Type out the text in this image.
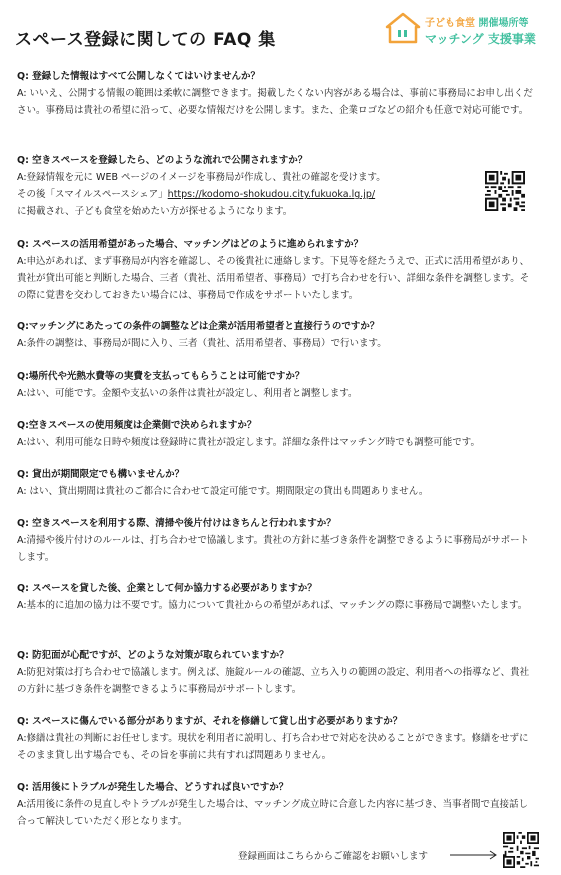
スペース登録に関しての FAQ 集
子ども食堂 開催場所等
マッチング 支援事業
Q: 登録した情報はすべて公開しなくてはいけませんか？
A: いいえ、公開する情報の範囲は柔軟に調整できます。掲載したくない内容がある場合は、事前に事務局にお申し出ください。事務局は貴社の希望に沿って、必要な情報だけを公開します。また、企業ロゴなどの紹介も任意で対応可能です。
Q: 空きスペースを登録したら、どのような流れで公開されますか？
A:登録情報を元に WEB ページのイメージを事務局が作成し、貴社の確認を受けます。
その後「スマイルスペースシェア」https://kodomo-shokudou.city.fukuoka.lg.jp/
に掲載され、子ども食堂を始めたい方が探せるようになります。
Q: スペースの活用希望があった場合、マッチングはどのように進められますか？
A:申込があれば、まず事務局が内容を確認し、その後貴社に連絡します。下見等を経たうえで、正式に活用希望があり、貴社が貸出可能と判断した場合、三者（貴社、活用希望者、事務局）で打ち合わせを行い、詳細な条件を調整します。その際に覚書を交わしておきたい場合には、事務局で作成をサポートいたします。
Q:マッチングにあたっての条件の調整などは企業が活用希望者と直接行うのですか？
A:条件の調整は、事務局が間に入り、三者（貴社、活用希望者、事務局）で行います。
Q:場所代や光熱水費等の実費を支払ってもらうことは可能ですか？
A:はい、可能です。金額や支払いの条件は貴社が設定し、利用者と調整します。
Q:空きスペースの使用頻度は企業側で決められますか？
A:はい、利用可能な日時や頻度は登録時に貴社が設定します。詳細な条件はマッチング時でも調整可能です。
Q: 貸出が期間限定でも構いませんか？
A: はい、貸出期間は貴社のご都合に合わせて設定可能です。期間限定の貸出も問題ありません。
Q: 空きスペースを利用する際、清掃や後片付けはきちんと行われますか？
A:清掃や後片付けのルールは、打ち合わせで協議します。貴社の方針に基づき条件を調整できるように事務局がサポートします。
Q: スペースを貸した後、企業として何か協力する必要がありますか？
A:基本的に追加の協力は不要です。協力について貴社からの希望があれば、マッチングの際に事務局で調整いたします。
Q: 防犯面が心配ですが、どのような対策が取られていますか？
A:防犯対策は打ち合わせで協議します。例えば、施錠ルールの確認、立ち入りの範囲の設定、利用者への指導など、貴社の方針に基づき条件を調整できるように事務局がサポートします。
Q: スペースに傷んでいる部分がありますが、それを修繕して貸し出す必要がありますか？
A:修繕は貴社の判断にお任せします。現状を利用者に説明し、打ち合わせで対応を決めることができます。修繕をせずにそのまま貸し出す場合でも、その旨を事前に共有すれば問題ありません。
Q: 活用後にトラブルが発生した場合、どうすれば良いですか？
A:活用後に条件の見直しやトラブルが発生した場合は、マッチング成立時に合意した内容に基づき、当事者間で直接話し合って解決していただく形となります。
登録画面はこちらからご確認をお願いします
